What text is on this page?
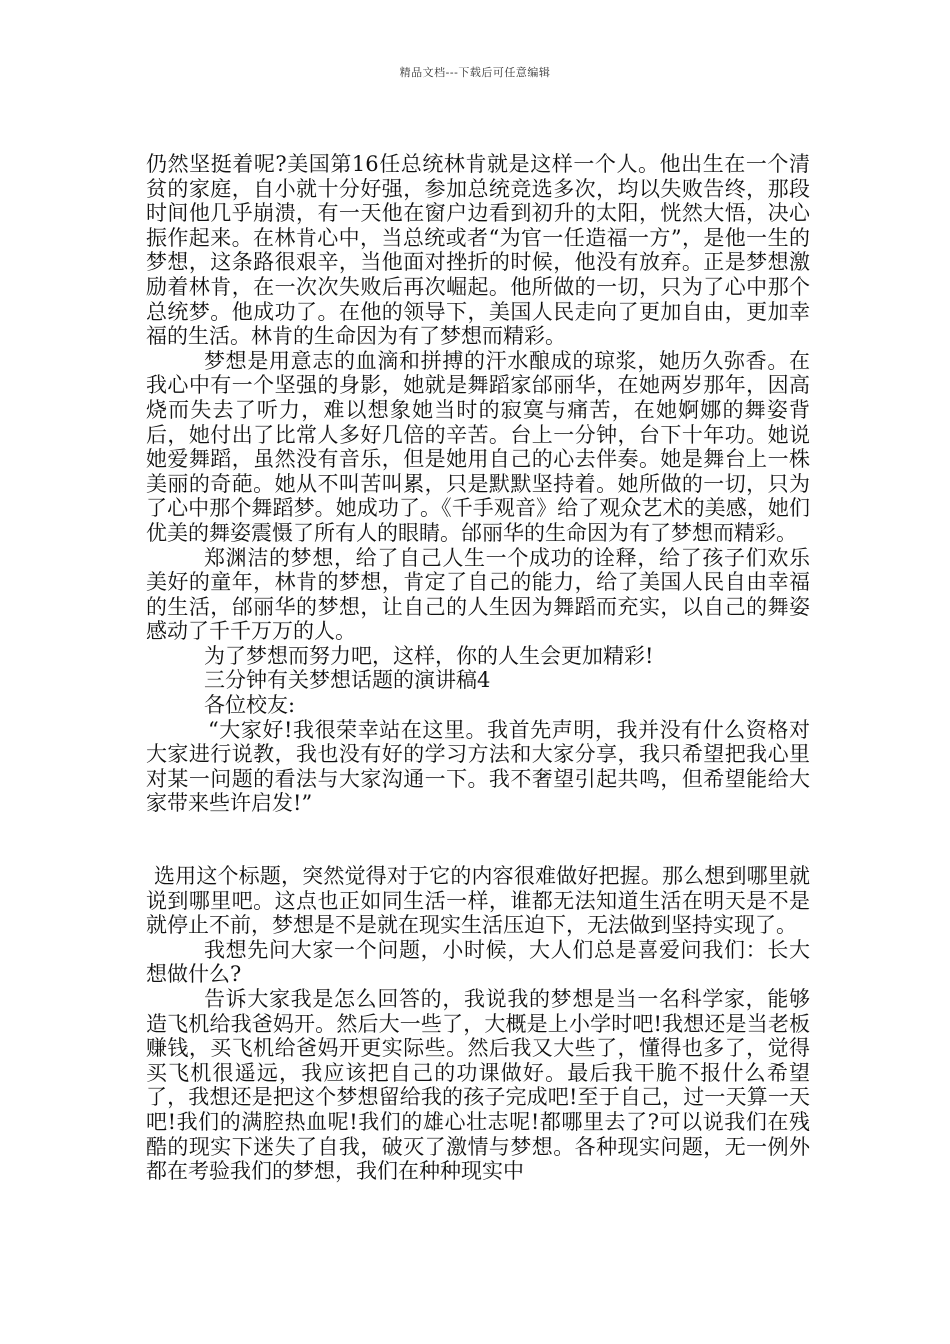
精品文档---下载后可任意编辑

仍然坚挺着呢?美国第16任总统林肯就是这样一个人。他出生在一个清贫的家庭，自小就十分好强，参加总统竞选多次，均以失败告终，那段时间他几乎崩溃，有一天他在窗户边看到初升的太阳，恍然大悟，决心振作起来。在林肯心中，当总统或者“为官一任造福一方”，是他一生的梦想，这条路很艰辛，当他面对挫折的时候，他没有放弃。正是梦想激励着林肯，在一次次失败后再次崛起。他所做的一切，只为了心中那个总统梦。他成功了。在他的领导下，美国人民走向了更加自由，更加幸福的生活。林肯的生命因为有了梦想而精彩。

梦想是用意志的血滴和拼搏的汗水酿成的琼浆，她历久弥香。在我心中有一个坚强的身影，她就是舞蹈家邰丽华，在她两岁那年，因高烧而失去了听力，难以想象她当时的寂寞与痛苦，在她婀娜的舞姿背后，她付出了比常人多好几倍的辛苦。台上一分钟，台下十年功。她说她爱舞蹈，虽然没有音乐，但是她用自己的心去伴奏。她是舞台上一株美丽的奇葩。她从不叫苦叫累，只是默默坚持着。她所做的一切，只为了心中那个舞蹈梦。她成功了。《千手观音》给了观众艺术的美感，她们优美的舞姿震慑了所有人的眼睛。邰丽华的生命因为有了梦想而精彩。

郑渊洁的梦想，给了自己人生一个成功的诠释，给了孩子们欢乐美好的童年，林肯的梦想，肯定了自己的能力，给了美国人民自由幸福的生活，邰丽华的梦想，让自己的人生因为舞蹈而充实，以自己的舞姿感动了千千万万的人。

为了梦想而努力吧，这样，你的人生会更加精彩!

三分钟有关梦想话题的演讲稿4

各位校友:

“大家好!我很荣幸站在这里。我首先声明，我并没有什么资格对大家进行说教，我也没有好的学习方法和大家分享，我只希望把我心里对某一问题的看法与大家沟通一下。我不奢望引起共鸣，但希望能给大家带来些许启发!”

选用这个标题，突然觉得对于它的内容很难做好把握。那么想到哪里就说到哪里吧。这点也正如同生活一样，谁都无法知道生活在明天是不是就停止不前，梦想是不是就在现实生活压迫下，无法做到坚持实现了。

我想先问大家一个问题，小时候，大人们总是喜爱问我们：长大想做什么?

告诉大家我是怎么回答的，我说我的梦想是当一名科学家，能够造飞机给我爸妈开。然后大一些了，大概是上小学时吧!我想还是当老板赚钱，买飞机给爸妈开更实际些。然后我又大些了，懂得也多了，觉得买飞机很遥远，我应该把自己的功课做好。最后我干脆不报什么希望了，我想还是把这个梦想留给我的孩子完成吧!至于自己，过一天算一天吧!我们的满腔热血呢!我们的雄心壮志呢!都哪里去了?可以说我们在残酷的现实下迷失了自我，破灭了激情与梦想。各种现实问题，无一例外都在考验我们的梦想，我们在种种现实中
